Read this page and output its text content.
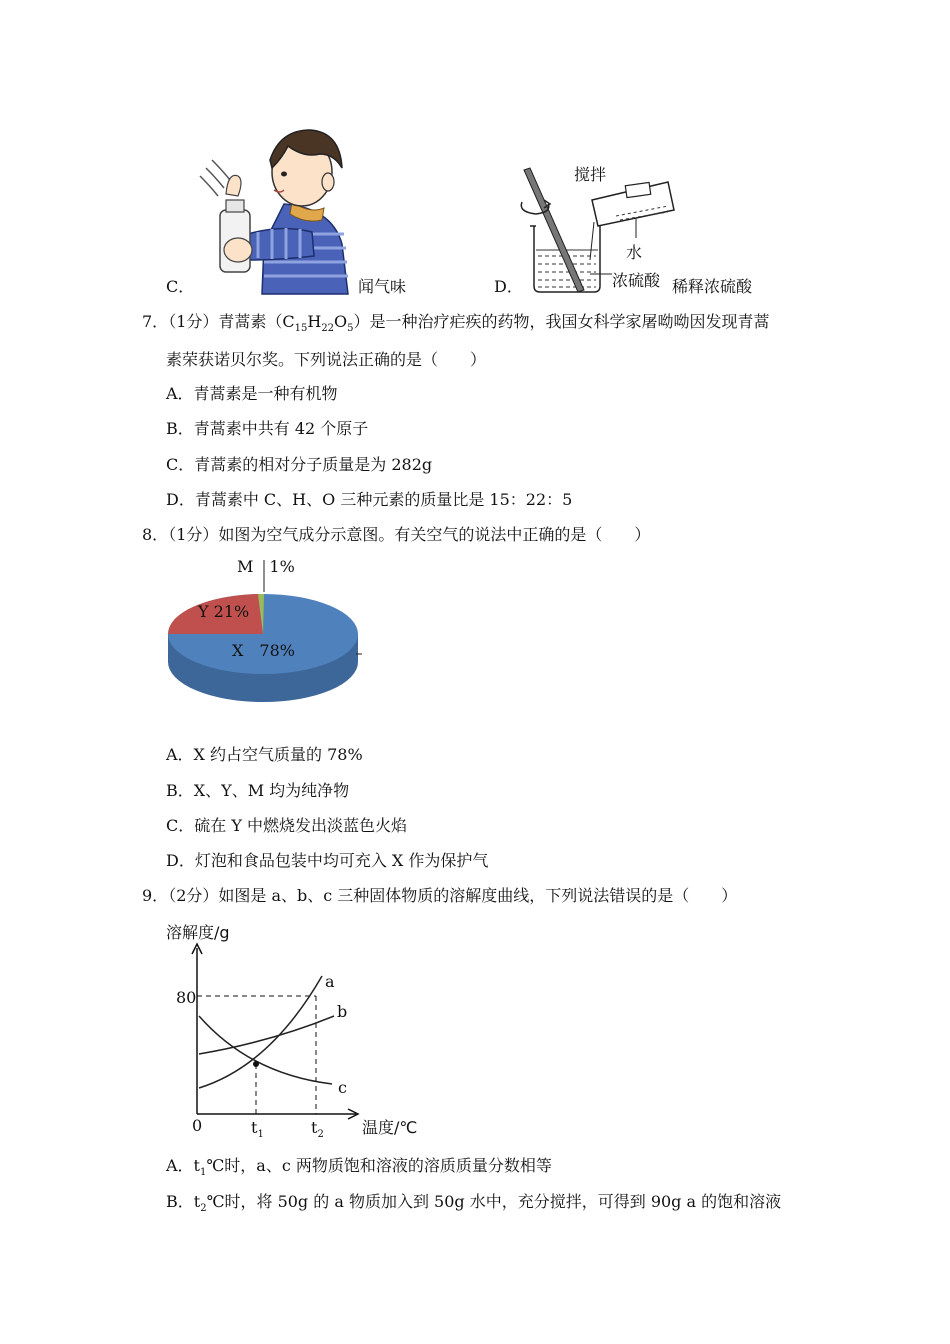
C．	闻气味
搅拌
水
浓硫酸
D．	稀释浓硫酸
7．（1分）青蒿素$(C_{15}H_{22}O_5)$是一种治疗疟疾的药物，我国女科学家屠呦呦因发现青蒿
素荣获诺贝尔奖。下列说法正确的是（　　）
A．青蒿素是一种有机物
B．青蒿素中共有 42 个原子
C．青蒿素的相对分子质量是为 282g
D．青蒿素中 C、H、O 三种元素的质量比是 15：22：5
8．（1分）如图为空气成分示意图。有关空气的说法中正确的是（　　）
M　1%
Y 21%
X　78%
A．X 约占空气质量的 78%
B．X、Y、M 均为纯净物
C．硫在 Y 中燃烧发出淡蓝色火焰
D．灯泡和食品包装中均可充入 X 作为保护气
9．（2分）如图是 a、b、c 三种固体物质的溶解度曲线，下列说法错误的是（　　）
溶解度/g
温度/℃
0
80
$t_1$	$t_2$
a
b
c
A．$t_1℃$时，a、c 两物质饱和溶液的溶质质量分数相等
B．$t_2℃$时，将 50g 的 a 物质加入到 50g 水中，充分搅拌，可得到 90g a 的饱和溶液
